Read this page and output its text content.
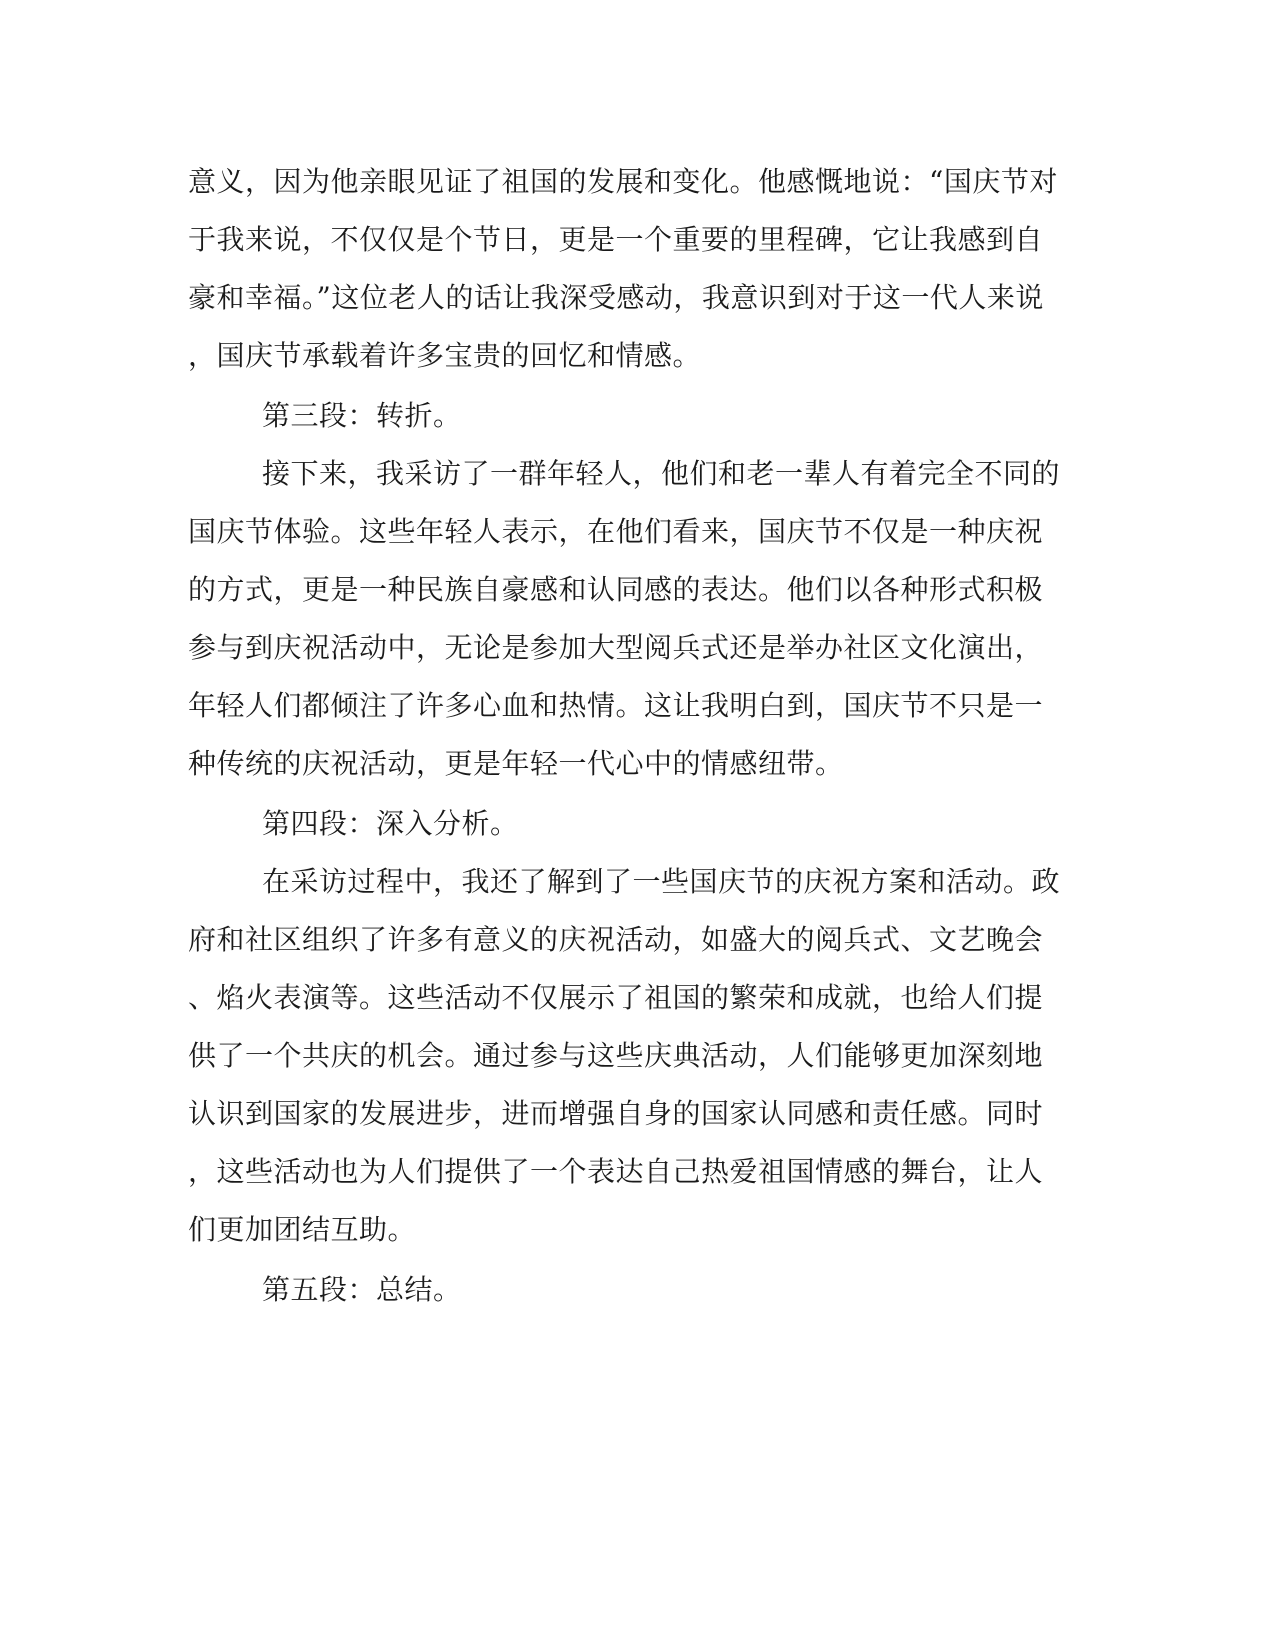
意义，因为他亲眼见证了祖国的发展和变化。他感慨地说：“国庆节对

于我来说，不仅仅是个节日，更是一个重要的里程碑，它让我感到自

豪和幸福。”这位老人的话让我深受感动，我意识到对于这一代人来说

，国庆节承载着许多宝贵的回忆和情感。

第三段：转折。

接下来，我采访了一群年轻人，他们和老一辈人有着完全不同的

国庆节体验。这些年轻人表示，在他们看来，国庆节不仅是一种庆祝

的方式，更是一种民族自豪感和认同感的表达。他们以各种形式积极

参与到庆祝活动中，无论是参加大型阅兵式还是举办社区文化演出，

年轻人们都倾注了许多心血和热情。这让我明白到，国庆节不只是一

种传统的庆祝活动，更是年轻一代心中的情感纽带。

第四段：深入分析。

在采访过程中，我还了解到了一些国庆节的庆祝方案和活动。政

府和社区组织了许多有意义的庆祝活动，如盛大的阅兵式、文艺晚会

、焰火表演等。这些活动不仅展示了祖国的繁荣和成就，也给人们提

供了一个共庆的机会。通过参与这些庆典活动，人们能够更加深刻地

认识到国家的发展进步，进而增强自身的国家认同感和责任感。同时

，这些活动也为人们提供了一个表达自己热爱祖国情感的舞台，让人

们更加团结互助。

第五段：总结。
